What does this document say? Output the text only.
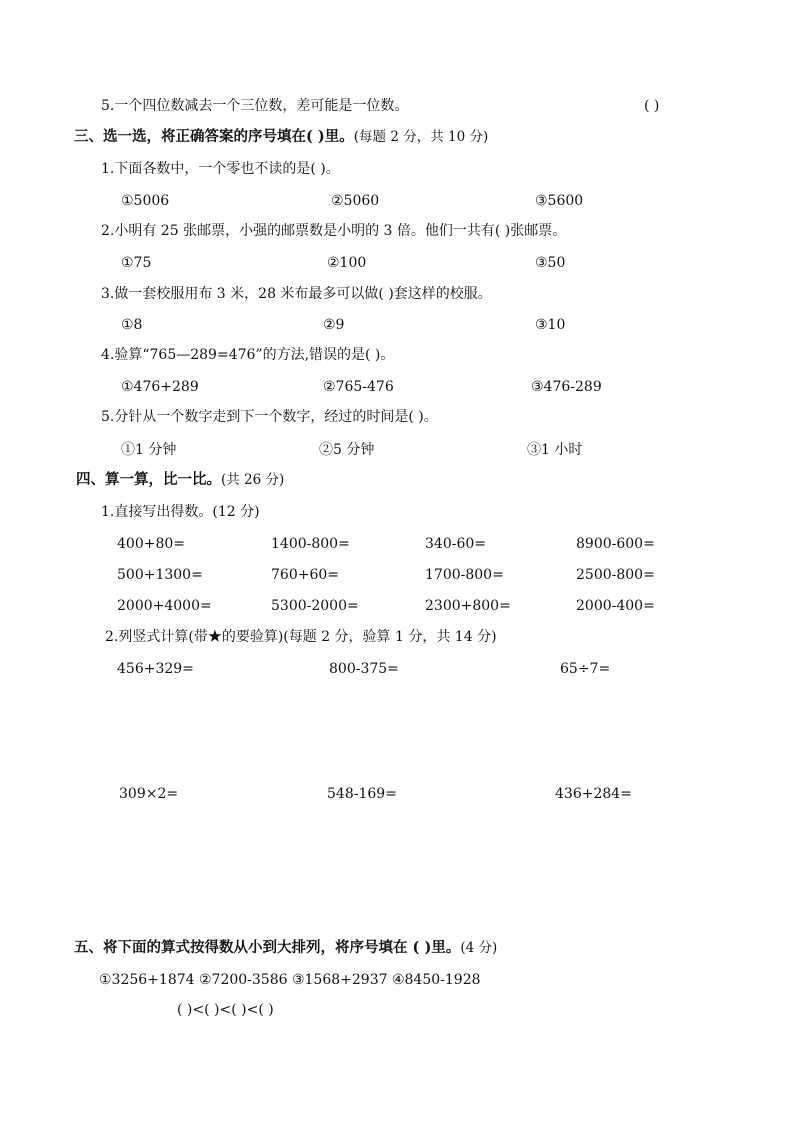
5.一个四位数减去一个三位数，差可能是一位数。	( )
三、选一选，将正确答案的序号填在( )里。(每题 2 分，共 10 分)
1.下面各数中，一个零也不读的是( )。
①5006	②5060	③5600
2.小明有 25 张邮票，小强的邮票数是小明的 3 倍。他们一共有( )张邮票。
①75	②100	③50
3.做一套校服用布 3 米，28 米布最多可以做( )套这样的校服。
①8	②9	③10
4.验算“765—289=476”的方法,错误的是( )。
①476+289	②765-476	③476-289
5.分针从一个数字走到下一个数字，经过的时间是( )。
①1 分钟	②5 分钟	③1 小时
四、算一算，比一比。(共 26 分)
1.直接写出得数。(12 分)
400+80=	1400-800=	340-60=	8900-600=
500+1300=	760+60=	1700-800=	2500-800=
2000+4000=	5300-2000=	2300+800=	2000-400=
2.列竖式计算(带★的要验算)(每题 2 分，验算 1 分，共 14 分)
456+329=	800-375=	65÷7=
309×2=	548-169=	436+284=
五、将下面的算式按得数从小到大排列，将序号填在 ( )里。(4 分)
①3256+1874 ②7200-3586 ③1568+2937 ④8450-1928
( )<( )<( )<( )
